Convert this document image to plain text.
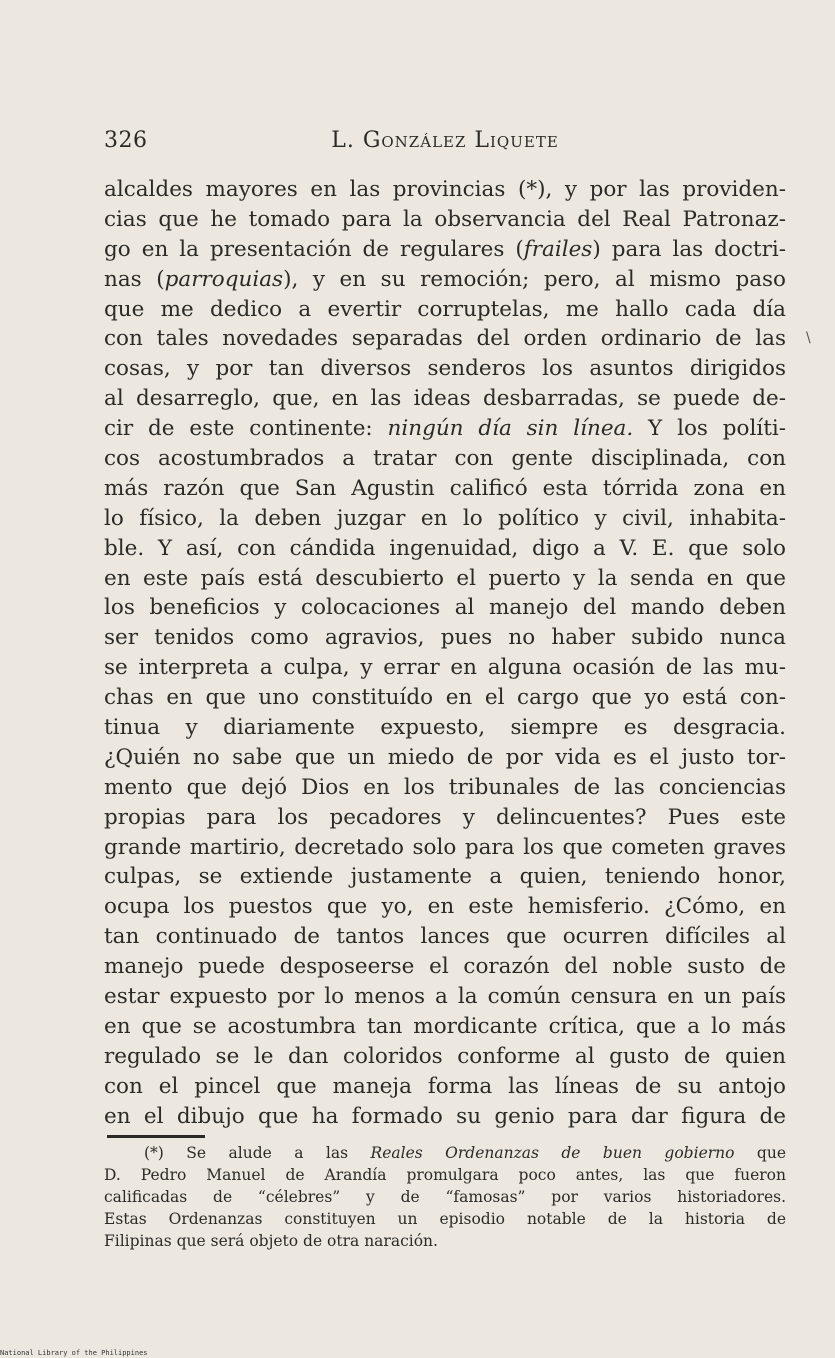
326	L. González Liquete
alcaldes mayores en las provincias (*), y por las providen-
cias que he tomado para la observancia del Real Patronaz-
go en la presentación de regulares (frailes) para las doctri-
nas (parroquias), y en su remoción; pero, al mismo paso
que me dedico a evertir corruptelas, me hallo cada día
con tales novedades separadas del orden ordinario de las
cosas, y por tan diversos senderos los asuntos dirigidos
al desarreglo, que, en las ideas desbarradas, se puede de-
cir de este continente: ningún día sin línea. Y los políti-
cos acostumbrados a tratar con gente disciplinada, con
más razón que San Agustin calificó esta tórrida zona en
lo físico, la deben juzgar en lo político y civil, inhabita-
ble. Y así, con cándida ingenuidad, digo a V. E. que solo
en este país está descubierto el puerto y la senda en que
los beneficios y colocaciones al manejo del mando deben
ser tenidos como agravios, pues no haber subido nunca
se interpreta a culpa, y errar en alguna ocasión de las mu-
chas en que uno constituído en el cargo que yo está con-
tinua y diariamente expuesto, siempre es desgracia.
¿Quién no sabe que un miedo de por vida es el justo tor-
mento que dejó Dios en los tribunales de las conciencias
propias para los pecadores y delincuentes? Pues este
grande martirio, decretado solo para los que cometen graves
culpas, se extiende justamente a quien, teniendo honor,
ocupa los puestos que yo, en este hemisferio. ¿Cómo, en
tan continuado de tantos lances que ocurren difíciles al
manejo puede desposeerse el corazón del noble susto de
estar expuesto por lo menos a la común censura en un país
en que se acostumbra tan mordicante crítica, que a lo más
regulado se le dan coloridos conforme al gusto de quien
con el pincel que maneja forma las líneas de su antojo
en el dibujo que ha formado su genio para dar figura de
(*) Se alude a las Reales Ordenanzas de buen gobierno que
D. Pedro Manuel de Arandía promulgara poco antes, las que fueron
calificadas de “célebres” y de “famosas” por varios historiadores.
Estas Ordenanzas constituyen un episodio notable de la historia de
Filipinas que será objeto de otra naración.
\
National Library of the Philippines
